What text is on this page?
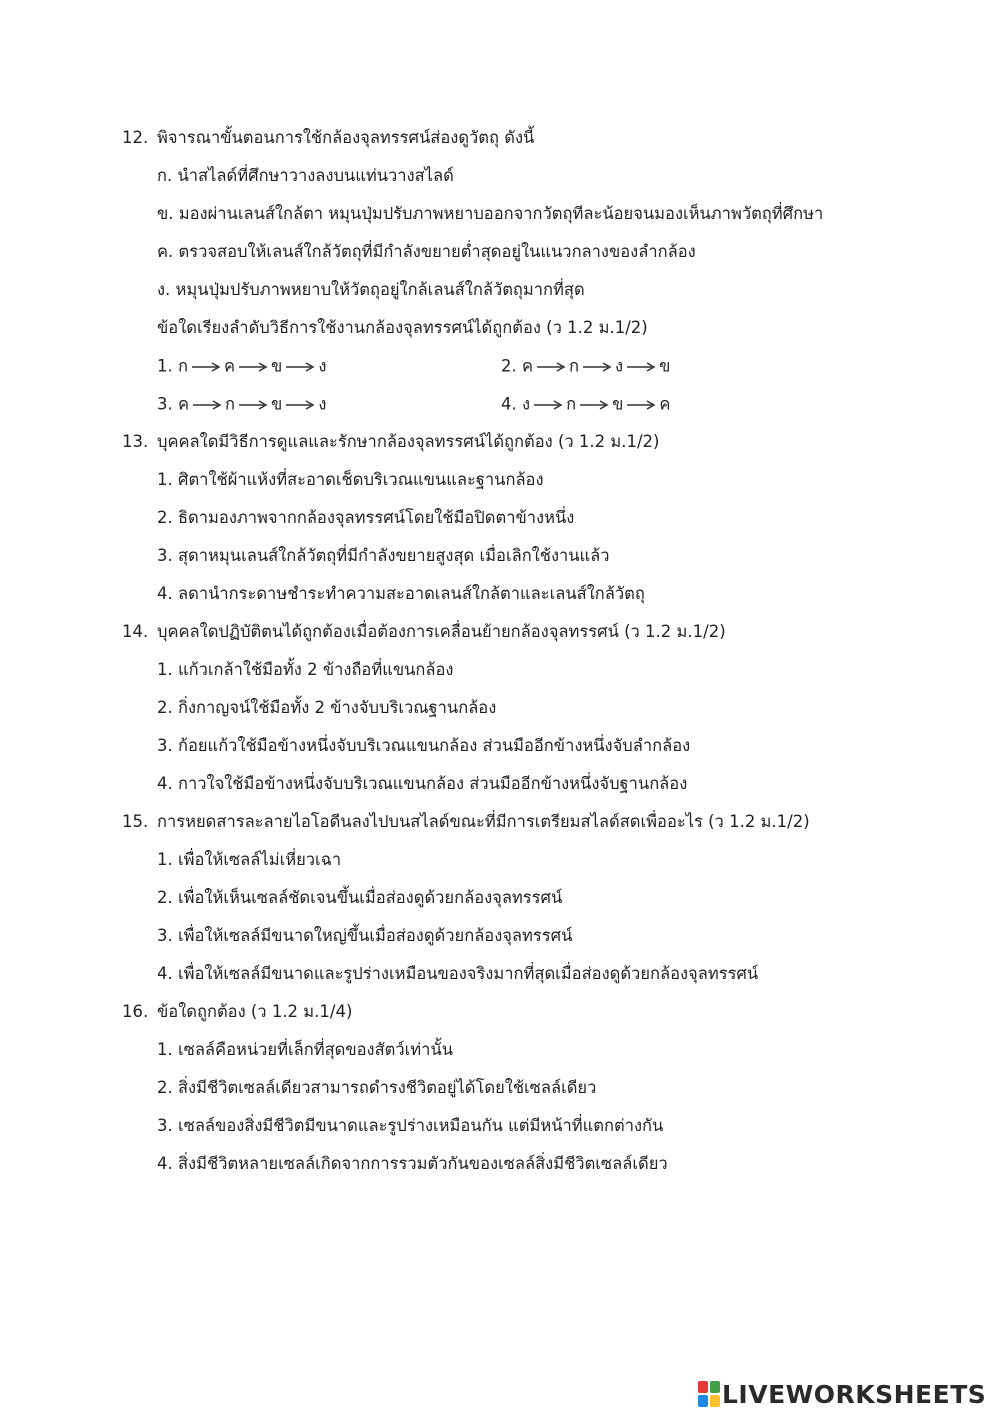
12. พิจารณาขั้นตอนการใช้กล้องจุลทรรศน์ส่องดูวัตถุ ดังนี้
ก. นำสไลด์ที่ศึกษาวางลงบนแท่นวางสไลด์
ข. มองผ่านเลนส์ใกล้ตา หมุนปุ่มปรับภาพหยาบออกจากวัตถุทีละน้อยจนมองเห็นภาพวัตถุที่ศึกษา
ค. ตรวจสอบให้เลนส์ใกล้วัตถุที่มีกำลังขยายต่ำสุดอยู่ในแนวกลางของลำกล้อง
ง. หมุนปุ่มปรับภาพหยาบให้วัตถุอยู่ใกล้เลนส์ใกล้วัตถุมากที่สุด
ข้อใดเรียงลำดับวิธีการใช้งานกล้องจุลทรรศน์ได้ถูกต้อง (ว 1.2 ม.1/2)
1. ก ค ข ง	2. ค ก ง ข
3. ค ก ข ง	4. ง ก ข ค
13. บุคคลใดมีวิธีการดูแลและรักษากล้องจุลทรรศน์ได้ถูกต้อง (ว 1.2 ม.1/2)
1. ศิตาใช้ผ้าแห้งที่สะอาดเช็ดบริเวณแขนและฐานกล้อง
2. ธิดามองภาพจากกล้องจุลทรรศน์โดยใช้มือปิดตาข้างหนึ่ง
3. สุดาหมุนเลนส์ใกล้วัตถุที่มีกำลังขยายสูงสุด เมื่อเลิกใช้งานแล้ว
4. ลดานำกระดาษชำระทำความสะอาดเลนส์ใกล้ตาและเลนส์ใกล้วัตถุ
14. บุคคลใดปฏิบัติตนได้ถูกต้องเมื่อต้องการเคลื่อนย้ายกล้องจุลทรรศน์ (ว 1.2 ม.1/2)
1. แก้วเกล้าใช้มือทั้ง 2 ข้างถือที่แขนกล้อง
2. กิ่งกาญจน์ใช้มือทั้ง 2 ข้างจับบริเวณฐานกล้อง
3. ก้อยแก้วใช้มือข้างหนึ่งจับบริเวณแขนกล้อง ส่วนมืออีกข้างหนึ่งจับลำกล้อง
4. กาวใจใช้มือข้างหนึ่งจับบริเวณแขนกล้อง ส่วนมืออีกข้างหนึ่งจับฐานกล้อง
15. การหยดสารละลายไอโอดีนลงไปบนสไลด์ขณะที่มีการเตรียมสไลด์สดเพื่ออะไร (ว 1.2 ม.1/2)
1. เพื่อให้เซลล์ไม่เหี่ยวเฉา
2. เพื่อให้เห็นเซลล์ชัดเจนขึ้นเมื่อส่องดูด้วยกล้องจุลทรรศน์
3. เพื่อให้เซลล์มีขนาดใหญ่ขึ้นเมื่อส่องดูด้วยกล้องจุลทรรศน์
4. เพื่อให้เซลล์มีขนาดและรูปร่างเหมือนของจริงมากที่สุดเมื่อส่องดูด้วยกล้องจุลทรรศน์
16. ข้อใดถูกต้อง (ว 1.2 ม.1/4)
1. เซลล์คือหน่วยที่เล็กที่สุดของสัตว์เท่านั้น
2. สิ่งมีชีวิตเซลล์เดียวสามารถดำรงชีวิตอยู่ได้โดยใช้เซลล์เดียว
3. เซลล์ของสิ่งมีชีวิตมีขนาดและรูปร่างเหมือนกัน แต่มีหน้าที่แตกต่างกัน
4. สิ่งมีชีวิตหลายเซลล์เกิดจากการรวมตัวกันของเซลล์สิ่งมีชีวิตเซลล์เดียว
LIVEWORKSHEETS
